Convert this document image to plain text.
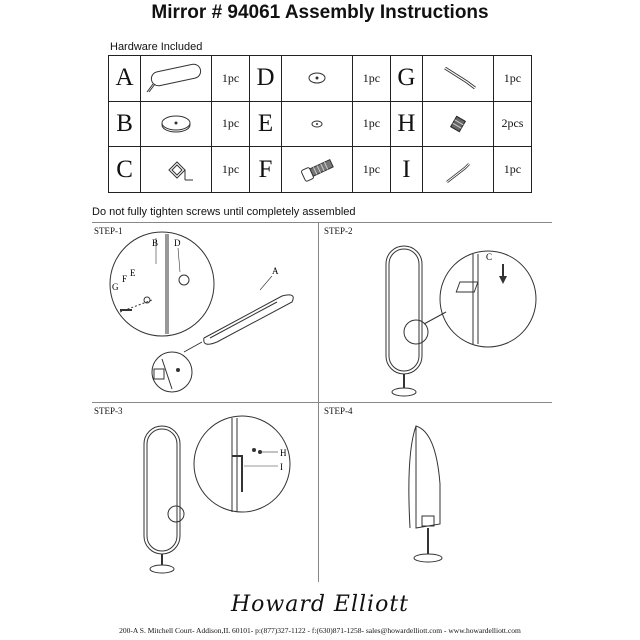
Mirror # 94061 Assembly Instructions
Hardware Included
A		1pc	D		1pc	G		1pc
B		1pc	E		1pc	H		2pcs
C		1pc	F		1pc	I		1pc
Do not fully tighten screws until completely assembled
STEP-1	STEP-2
STEP-3	STEP-4
B D
E
F
G
A
C
H
I
Howard Elliott
200-A S. Mitchell Court- Addison,IL 60101- p:(877)327-1122 - f:(630)871-1258- sales@howardelliott.com - www.howardelliott.com
